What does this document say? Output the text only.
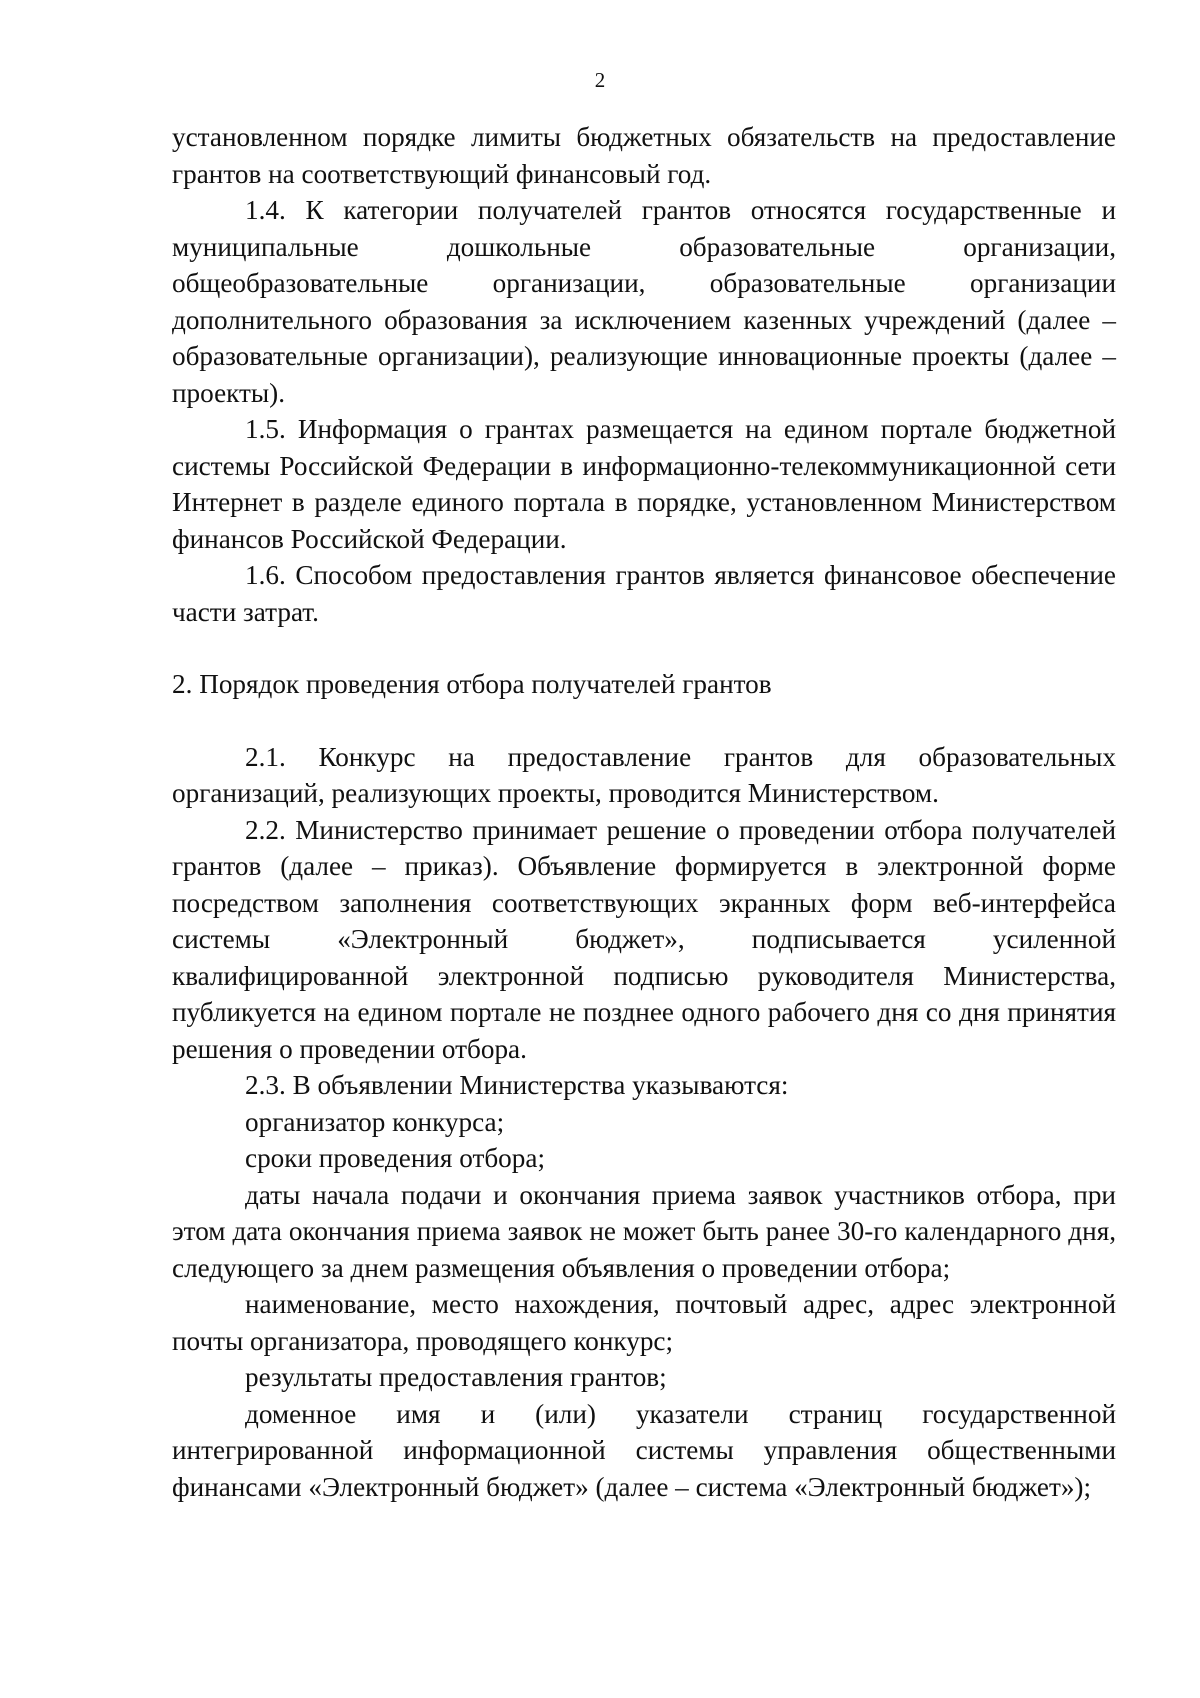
2

установленном порядке лимиты бюджетных обязательств на предоставление грантов на соответствующий финансовый год.

1.4. К категории получателей грантов относятся государственные и муниципальные дошкольные образовательные организации, общеобразовательные организации, образовательные организации дополнительного образования за исключением казенных учреждений (далее – образовательные организации), реализующие инновационные проекты (далее – проекты).

1.5. Информация о грантах размещается на едином портале бюджетной системы Российской Федерации в информационно-телекоммуникационной сети Интернет в разделе единого портала в порядке, установленном Министерством финансов Российской Федерации.

1.6. Способом предоставления грантов является финансовое обеспечение части затрат.

2. Порядок проведения отбора получателей грантов

2.1. Конкурс на предоставление грантов для образовательных организаций, реализующих проекты, проводится Министерством.

2.2. Министерство принимает решение о проведении отбора получателей грантов (далее – приказ). Объявление формируется в электронной форме посредством заполнения соответствующих экранных форм веб-интерфейса системы «Электронный бюджет», подписывается усиленной квалифицированной электронной подписью руководителя Министерства, публикуется на едином портале не позднее одного рабочего дня со дня принятия решения о проведении отбора.

2.3. В объявлении Министерства указываются:

организатор конкурса;

сроки проведения отбора;

даты начала подачи и окончания приема заявок участников отбора, при этом дата окончания приема заявок не может быть ранее 30-го календарного дня, следующего за днем размещения объявления о проведении отбора;

наименование, место нахождения, почтовый адрес, адрес электронной почты организатора, проводящего конкурс;

результаты предоставления грантов;

доменное имя и (или) указатели страниц государственной интегрированной информационной системы управления общественными финансами «Электронный бюджет» (далее – система «Электронный бюджет»);
